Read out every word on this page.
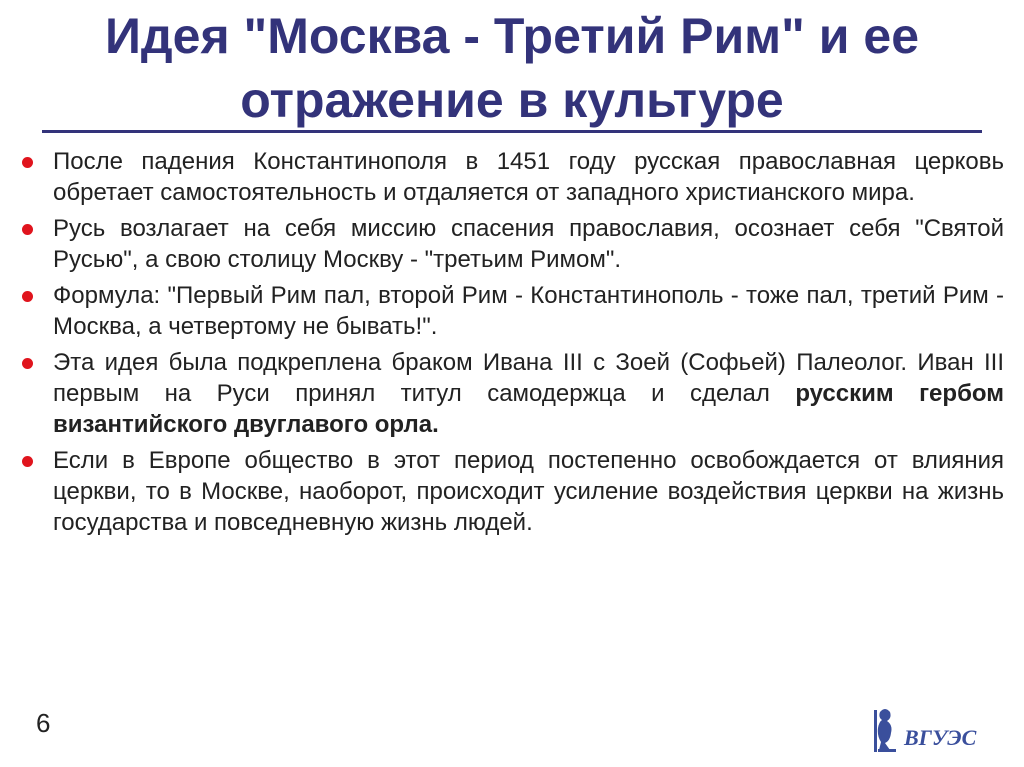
Идея "Москва - Третий Рим" и ее
отражение в культуре
После падения Константинополя в 1451 году русская православная церковь обретает самостоятельность и отдаляется от западного христианского мира.
Русь возлагает на себя миссию спасения православия, осознает себя "Святой Русью", а свою столицу Москву - "третьим Римом".
Формула: "Первый Рим пал, второй Рим - Константинополь - тоже пал, третий Рим - Москва, а четвертому не бывать!".
Эта идея была подкреплена браком Ивана III с Зоей (Софьей) Палеолог. Иван III первым на Руси принял титул самодержца и сделал русским гербом византийского двуглавого орла.
Если в Европе общество в этот период постепенно освобождается от влияния церкви, то в Москве, наоборот, происходит усиление воздействия церкви на жизнь государства и повседневную жизнь людей.
6	ВГУЭС
